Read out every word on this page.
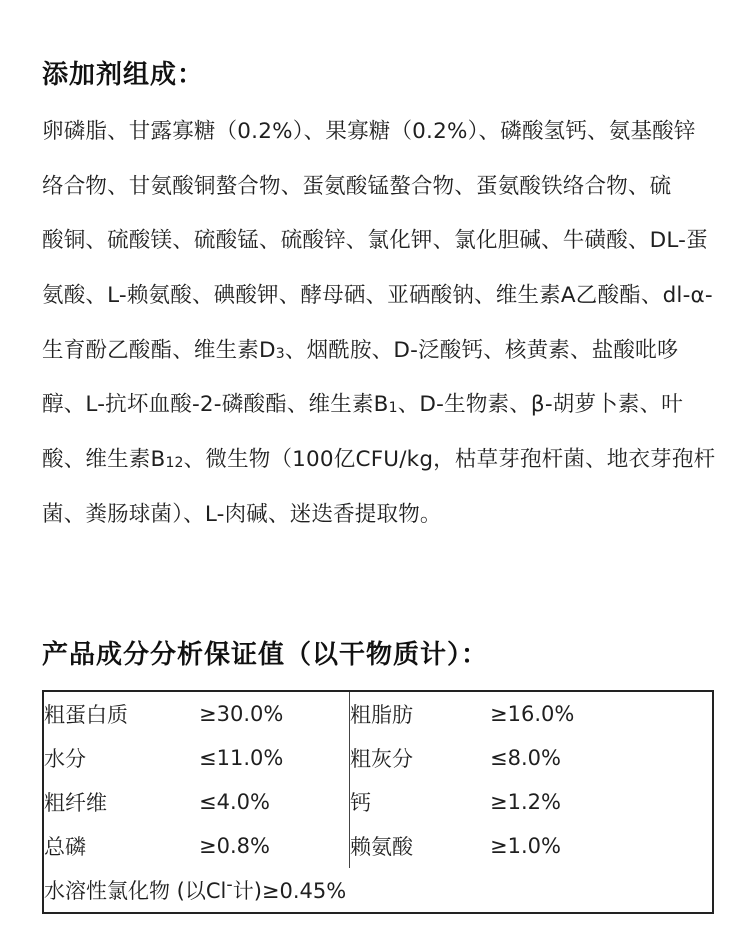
添加剂组成：
卵磷脂、甘露寡糖（0.2%）、果寡糖（0.2%）、磷酸氢钙、氨基酸锌
络合物、甘氨酸铜螯合物、蛋氨酸锰螯合物、蛋氨酸铁络合物、硫
酸铜、硫酸镁、硫酸锰、硫酸锌、氯化钾、氯化胆碱、牛磺酸、DL-蛋
氨酸、L-赖氨酸、碘酸钾、酵母硒、亚硒酸钠、维生素A乙酸酯、dl-α-
生育酚乙酸酯、维生素$D_3$、烟酰胺、D-泛酸钙、核黄素、盐酸吡哆
醇、L-抗坏血酸-2-磷酸酯、维生素$B_1$、D-生物素、β-胡萝卜素、叶
酸、维生素$B_{12}$、微生物（100亿CFU/kg，枯草芽孢杆菌、地衣芽孢杆
菌、粪肠球菌）、L-肉碱、迷迭香提取物。
产品成分分析保证值（以干物质计）：
粗蛋白质	≥30.0%	粗脂肪	≥16.0%
水分	≤11.0%	粗灰分	≤8.0%
粗纤维	≤4.0%	钙	≥1.2%
总磷	≥0.8%	赖氨酸	≥1.0%
水溶性氯化物 (以Cl-计)≥0.45%			
